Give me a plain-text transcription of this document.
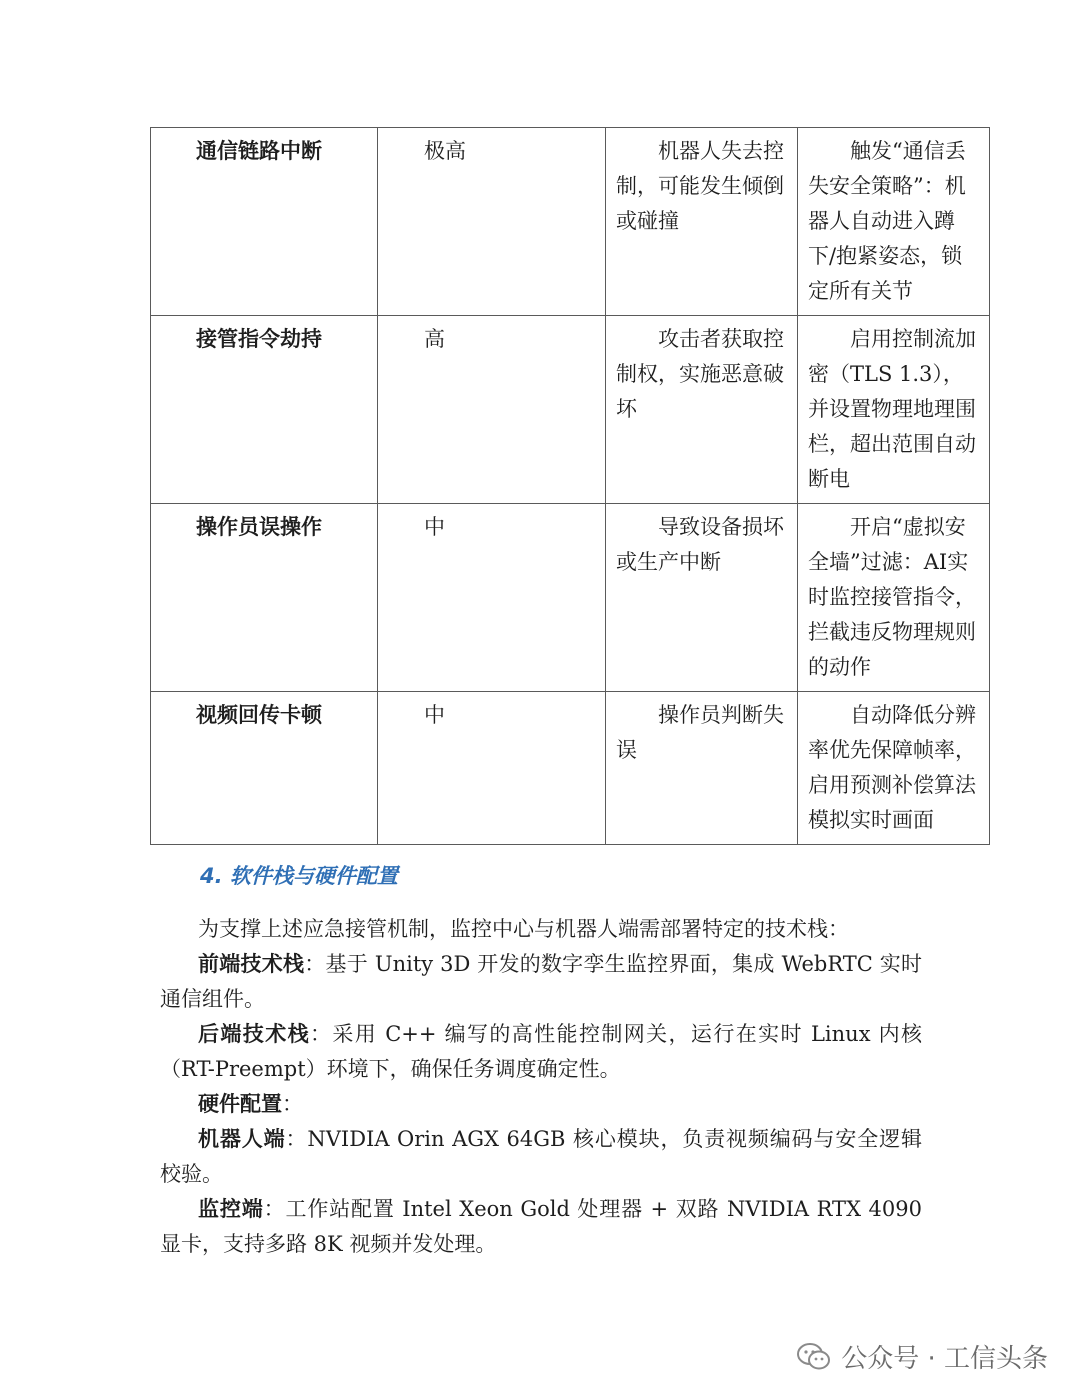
通信链路中断	极高	机器人失去控制，可能发生倾倒或碰撞	触发“通信丢失安全策略”：机器人自动进入蹲下/抱紧姿态，锁定所有关节
接管指令劫持	高	攻击者获取控制权，实施恶意破坏	启用控制流加密（TLS 1.3），并设置物理地理围栏，超出范围自动断电
操作员误操作	中	导致设备损坏或生产中断	开启“虚拟安全墙”过滤：AI实时监控接管指令，拦截违反物理规则的动作
视频回传卡顿	中	操作员判断失误	自动降低分辨率优先保障帧率，启用预测补偿算法模拟实时画面
4. 软件栈与硬件配置

为支撑上述应急接管机制，监控中心与机器人端需部署特定的技术栈：

前端技术栈：基于 Unity 3D 开发的数字孪生监控界面，集成 WebRTC 实时通信组件。

后端技术栈：采用 C++ 编写的高性能控制网关，运行在实时 Linux 内核（RT-Preempt）环境下，确保任务调度确定性。

硬件配置：

机器人端：NVIDIA Orin AGX 64GB 核心模块，负责视频编码与安全逻辑校验。

监控端：工作站配置 Intel Xeon Gold 处理器 + 双路 NVIDIA RTX 4090 显卡，支持多路 8K 视频并发处理。

公众号 · 工信头条
